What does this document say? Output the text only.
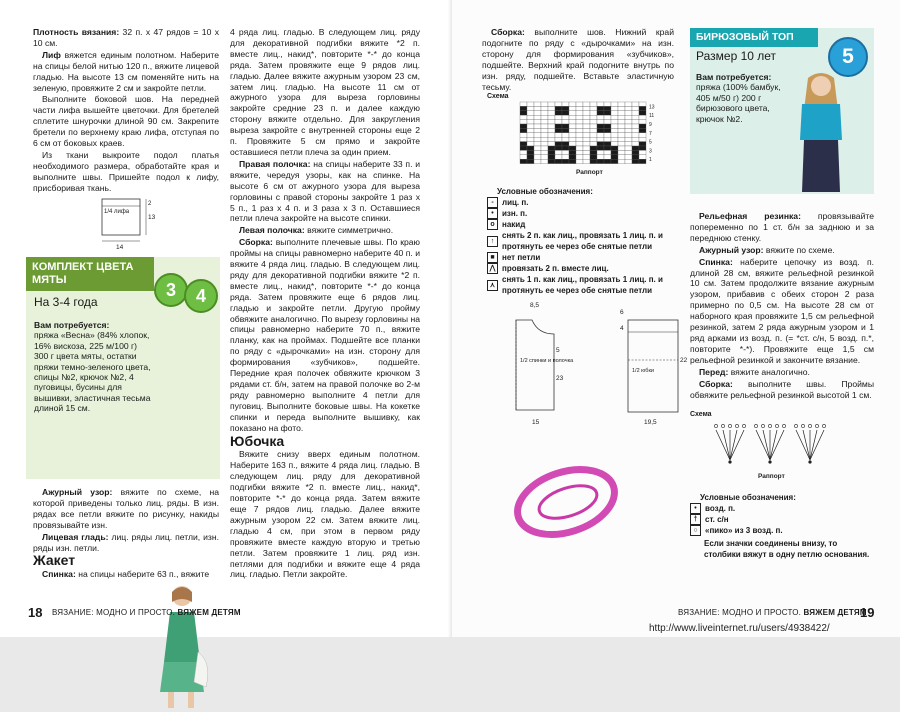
Плотность вязания: 32 п. х 47 рядов = 10 х 10 см.

Лиф вяжется единым полотном. Наберите на спицы белой нитью 120 п., вяжите лицевой гладью. На высоте 13 см поменяйте нить на зеленую, провяжите 2 см и закройте петли.

Выполните боковой шов. На передней части лифа вышейте цветочки. Для бретелей сплетите шнурочки длиной 90 см. Закрепите бретели по верхнему краю лифа, отступая по 6 см от боковых краев.

Из ткани выкроите подол платья необходимого размера, обработайте края и выполните швы. Пришейте подол к лифу, присборивая ткань.

1/4 лифа
13
2
14
КОМПЛЕКТ ЦВЕТА МЯТЫ
На 3-4 года
Вам потребуется:
пряжа «Весна» (84% хлопок, 16% вискоза, 225 м/100 г) 300 г цвета мяты, остатки пряжи темно-зеленого цвета, спицы №2, крючок №2, 4 пуговицы, бусины для вышивки, эластичная тесьма длиной 15 см.
3	4

Ажурный узор: вяжите по схеме, на которой приведены только лиц. ряды. В изн. рядах все петли вяжите по рисунку, накиды провязывайте изн.

Лицевая гладь: лиц. ряды лиц. петли, изн. ряды изн. петли.

Жакет

Спинка: на спицы наберите 63 п., вяжите

4 ряда лиц. гладью. В следующем лиц. ряду для декоративной подгибки вяжите *2 п. вместе лиц., накид*, повторите *-* до конца ряда. Затем провяжите еще 9 рядов лиц. гладью. Далее вяжите ажурным узором 23 см, затем лиц. гладью. На высоте 11 см от ажурного узора для выреза горловины закройте средние 23 п. и далее каждую сторону вяжите отдельно. Для закругления выреза закройте с внутренней стороны еще 2 п. Провяжите 5 см прямо и закройте оставшиеся петли плеча за один прием.

Правая полочка: на спицы наберите 33 п. и вяжите, чередуя узоры, как на спинке. На высоте 6 см от ажурного узора для выреза горловины с правой стороны закройте 1 раз х 5 п., 1 раз х 4 п. и 3 раза х 3 п. Оставшиеся петли плеча закройте на высоте спинки.

Левая полочка: вяжите симметрично.

Сборка: выполните плечевые швы. По краю проймы на спицы равномерно наберите 40 п. и вяжите 4 ряда лиц. гладью. В следующем лиц. ряду для декоративной подгибки вяжите *2 п. вместе лиц., накид*, повторите *-* до конца ряда. Затем провяжите еще 6 рядов лиц. гладью и закройте петли. Другую пройму обвяжите аналогично. По вырезу горловины на спицы равномерно наберите 70 п., вяжите планку, как на проймах. Подшейте все планки по ряду с «дырочками» на изн. сторону для формирования «зубчиков», подшейте. Передние края полочек обвяжите крючком 3 рядами ст. б/н, затем на правой полочке во 2-м ряду равномерно выполните 4 петли для пуговиц. Выполните боковые швы. На кокетке спинки и переда выполните вышивку, как показано на фото.

Юбочка

Вяжите снизу вверх единым полотном. Наберите 163 п., вяжите 4 ряда лиц. гладью. В следующем лиц. ряду для декоративной подгибки вяжите *2 п. вместе лиц., накид*, повторите *-* до конца ряда. Затем вяжите еще 7 рядов лиц. гладью. Далее вяжите ажурным узором 22 см. Затем вяжите лиц. гладью 4 см, при этом в первом ряду провяжите вместе каждую вторую и третью петли. Затем провяжите 1 лиц. ряд изн. петлями для подгибки и вяжите еще 4 ряда лиц. гладью. Петли закройте.

18 ВЯЗАНИЕ: МОДНО И ПРОСТО. ВЯЖЕМ ДЕТЯМ

Сборка: выполните шов. Нижний край подогните по ряду с «дырочками» на изн. сторону для формирования «зубчиков», подшейте. Верхний край подогните внутрь по изн. ряду, подшейте. Вставьте эластичную тесьму.

Схема
13
11
9
7
5
3
1
Раппорт
Условные обозначения:
-	лиц. п.
•	изн. п.
o накид
↑
снять 2 п. как лиц., провязать 1 лиц. п. и протянуть ее через обе снятые петли
■ нет петли
⋀ провязать 2 п. вместе лиц.
⋏
снять 1 п. как лиц., провязать 1 лиц. п. и протянуть ее через обе снятые петли
8,5
5
1/2 спинки и полочка
23
6
1/2 юбки
4
22
15	19,5
БИРЮЗОВЫЙ ТОП
Размер 10 лет	5
Вам потребуется:
пряжа (100% бамбук, 405 м/50 г) 200 г бирюзового цвета, крючок №2.

Рельефная резинка: провязывайте попеременно по 1 ст. б/н за заднюю и за переднюю стенку.

Ажурный узор: вяжите по схеме.

Спинка: наберите цепочку из возд. п. длиной 28 см, вяжите рельефной резинкой 10 см. Затем продолжите вязание ажурным узором, прибавив с обеих сторон 2 раза примерно по 0,5 см. На высоте 28 см от наборного края провяжите 1,5 см рельефной резинкой, затем 2 ряда ажурным узором и 1 ряд арками из возд. п. (= *ст. с/н, 5 возд. п.*, повторите *-*). Провяжите еще 1,5 см рельефной резинкой и закончите вязание.

Перед: вяжите аналогично.

Сборка: выполните швы. Проймы обвяжите рельефной резинкой высотой 1 см.

Схема
Раппорт
Условные обозначения:
•	возд. п.
† ст. с/н
○ «пико» из 3 возд. п.
Если значки соединены внизу, то столбики вяжут в одну петлю основания.
ВЯЗАНИЕ: МОДНО И ПРОСТО. ВЯЖЕМ ДЕТЯМ
19
http://www.liveinternet.ru/users/4938422/
